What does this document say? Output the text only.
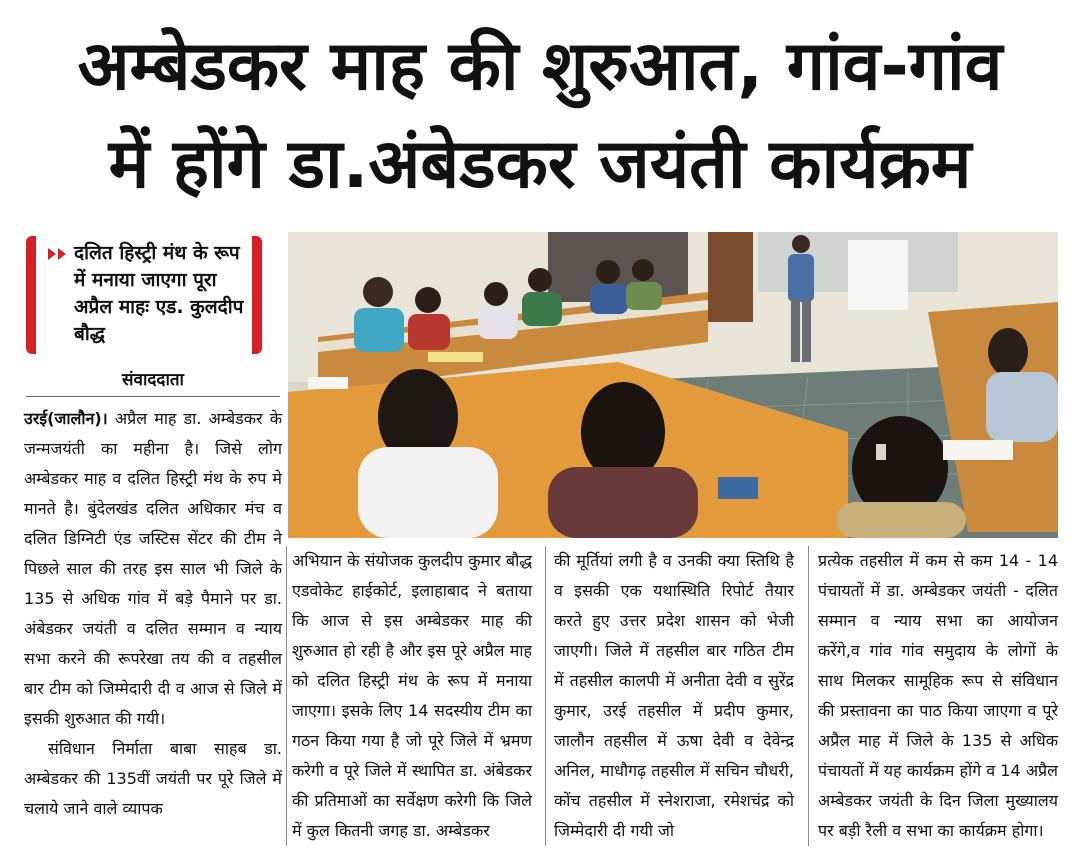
अम्बेडकर माह की शुरुआत, गांव-गांव
में होंगे डा.अंबेडकर जयंती कार्यक्रम

दलित हिस्ट्री मंथ के रूप में मनाया जाएगा पूरा अप्रैल माहः एड. कुलदीप बौद्ध

संवाददाता

उरई(जालौन)। अप्रैल माह डा. अम्बेडकर के जन्मजयंती का महीना है। जिसे लोग अम्बेडकर माह व दलित हिस्ट्री मंथ के रुप मे मानते है। बुंदेलखंड दलित अधिकार मंच व दलित डिग्निटी एंड जस्टिस सेंटर की टीम ने पिछले साल की तरह इस साल भी जिले के 135 से अधिक गांव में बड़े पैमाने पर डा. अंबेडकर जयंती व दलित सम्मान व न्याय सभा करने की रूपरेखा तय की व तहसील बार टीम को जिम्मेदारी दी व आज से जिले में इसकी शुरुआत की गयी।

संविधान निर्माता बाबा साहब डा. अम्बेडकर की 135वीं जयंती पर पूरे जिले में चलाये जाने वाले व्यापक

अभियान के संयोजक कुलदीप कुमार बौद्ध एडवोकेट हाईकोर्ट, इलाहाबाद ने बताया कि आज से इस अम्बेडकर माह की शुरुआत हो रही है और इस पूरे अप्रैल माह को दलित हिस्ट्री मंथ के रूप में मनाया जाएगा। इसके लिए 14 सदस्यीय टीम का गठन किया गया है जो पूरे जिले में भ्रमण करेगी व पूरे जिले में स्थापित डा. अंबेडकर की प्रतिमाओं का सर्वेक्षण करेगी कि जिले में कुल कितनी जगह डा. अम्बेडकर

की मूर्तियां लगी है व उनकी क्या स्तिथि है व इसकी एक यथास्थिति रिपोर्ट तैयार करते हुए उत्तर प्रदेश शासन को भेजी जाएगी। जिले में तहसील बार गठित टीम में तहसील कालपी में अनीता देवी व सुरेंद्र कुमार, उरई तहसील में प्रदीप कुमार, जालौन तहसील में ऊषा देवी व देवेन्द्र अनिल, माधौगढ़ तहसील में सचिन चौधरी, कोंच तहसील में स्नेशराजा, रमेशचंद्र को जिम्मेदारी दी गयी जो

प्रत्येक तहसील में कम से कम 14 - 14 पंचायतों में डा. अम्बेडकर जयंती - दलित सम्मान व न्याय सभा का आयोजन करेंगे,व गांव गांव समुदाय के लोगों के साथ मिलकर सामूहिक रूप से संविधान की प्रस्तावना का पाठ किया जाएगा व पूरे अप्रैल माह में जिले के 135 से अधिक पंचायतों में यह कार्यक्रम होंगे व 14 अप्रैल अम्बेडकर जयंती के दिन जिला मुख्यालय पर बड़ी रैली व सभा का कार्यक्रम होगा।
